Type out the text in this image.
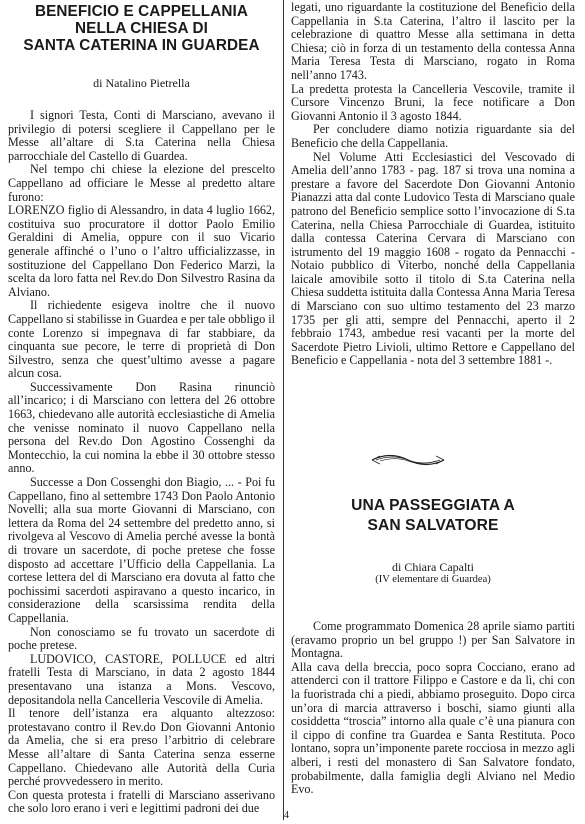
BENEFICIO E CAPPELLANIA
NELLA CHIESA DI
SANTA CATERINA IN GUARDEA

di Natalino Pietrella

I signori Testa, Conti di Marsciano, avevano il privilegio di potersi scegliere il Cappellano per le Messe all’altare di S.ta Caterina nella Chiesa parrocchiale del Castello di Guardea.

Nel tempo chi chiese la elezione del prescelto Cappellano ad officiare le Messe al predetto altare furono:

LORENZO figlio di Alessandro, in data 4 luglio 1662, costituiva suo procuratore il dottor Paolo Emilio Geraldini di Amelia, oppure con il suo Vicario generale affinché o l’uno o l’altro ufficializzasse, in sostituzione del Cappellano Don Federico Marzi, la scelta da loro fatta nel Rev.do Don Silvestro Rasina da Alviano.

Il richiedente esigeva inoltre che il nuovo Cappellano si stabilisse in Guardea e per tale obbligo il conte Lorenzo si impegnava di far stabbiare, da cinquanta sue pecore, le terre di proprietà di Don Silvestro, senza che quest’ultimo avesse a pagare alcun cosa.

Successivamente Don Rasina rinunciò all’incarico; i di Marsciano con lettera del 26 ottobre 1663, chiedevano alle autorità ecclesiastiche di Amelia che venisse nominato il nuovo Cappellano nella persona del Rev.do Don Agostino Cossenghi da Montecchio, la cui nomina la ebbe il 30 ottobre stesso anno.

Successe a Don Cossenghi don Biagio, ... - Poi fu Cappellano, fino al settembre 1743 Don Paolo Antonio Novelli; alla sua morte Giovanni di Marsciano, con lettera da Roma del 24 settembre del predetto anno, si rivolgeva al Vescovo di Amelia perché avesse la bontà di trovare un sacerdote, di poche pretese che fosse disposto ad accettare l’Ufficio della Cappellania. La cortese lettera del di Marsciano era dovuta al fatto che pochissimi sacerdoti aspiravano a questo incarico, in considerazione della scarsissima rendita della Cappellania.

Non conosciamo se fu trovato un sacerdote di poche pretese.

LUDOVICO, CASTORE, POLLUCE ed altri fratelli Testa di Marsciano, in data 2 agosto 1844 presentavano una istanza a Mons. Vescovo, depositandola nella Cancelleria Vescovile di Amelia.

Il tenore dell’istanza era alquanto altezzoso: protestavano contro il Rev.do Don Giovanni Antonio da Amelia, che si era preso l’arbitrio di celebrare Messe all’altare di Santa Caterina senza esserne Cappellano. Chiedevano alle Autorità della Curia perché provvedessero in merito.

Con questa protesta i fratelli di Marsciano asserivano che solo loro erano i veri e legittimi padroni dei due

legati, uno riguardante la costituzione del Beneficio della Cappellania in S.ta Caterina, l’altro il lascito per la celebrazione di quattro Messe alla settimana in detta Chiesa; ciò in forza di un testamento della contessa Anna Maria Teresa Testa di Marsciano, rogato in Roma nell’anno 1743.

La predetta protesta la Cancelleria Vescovile, tramite il Cursore Vincenzo Bruni, la fece notificare a Don Giovanni Antonio il 3 agosto 1844.

Per concludere diamo notizia riguardante sia del Beneficio che della Cappellania.

Nel Volume Atti Ecclesiastici del Vescovado di Amelia dell’anno 1783 - pag. 187 si trova una nomina a prestare a favore del Sacerdote Don Giovanni Antonio Pianazzi atta dal conte Ludovico Testa di Marsciano quale patrono del Beneficio semplice sotto l’invocazione di S.ta Caterina, nella Chiesa Parrocchiale di Guardea, istituito dalla contessa Caterina Cervara di Marsciano con istrumento del 19 maggio 1608 - rogato da Pennacchi - Notaio pubblico di Viterbo, nonché della Cappellania laicale amovibile sotto il titolo di S.ta Caterina nella Chiesa suddetta istituita dalla Contessa Anna Maria Teresa di Marsciano con suo ultimo testamento del 23 marzo 1735 per gli atti, sempre del Pennacchi, aperto il 2 febbraio 1743, ambedue resi vacanti per la morte del Sacerdote Pietro Livioli, ultimo Rettore e Cappellano del Beneficio e Cappellania - nota del 3 settembre 1881 -.

UNA PASSEGGIATA A
SAN SALVATORE

di Chiara Capalti

(IV elementare di Guardea)

Come programmato Domenica 28 aprile siamo partiti (eravamo proprio un bel gruppo !) per San Salvatore in Montagna.

Alla cava della breccia, poco sopra Cocciano, erano ad attenderci con il trattore Filippo e Castore e da lì, chi con la fuoristrada chi a piedi, abbiamo proseguito. Dopo circa un’ora di marcia attraverso i boschi, siamo giunti alla cosiddetta “troscia” intorno alla quale c’è una pianura con il cippo di confine tra Guardea e Santa Restituta. Poco lontano, sopra un’imponente parete rocciosa in mezzo agli alberi, i resti del monastero di San Salvatore fondato, probabilmente, dalla famiglia degli Alviano nel Medio Evo.

4
